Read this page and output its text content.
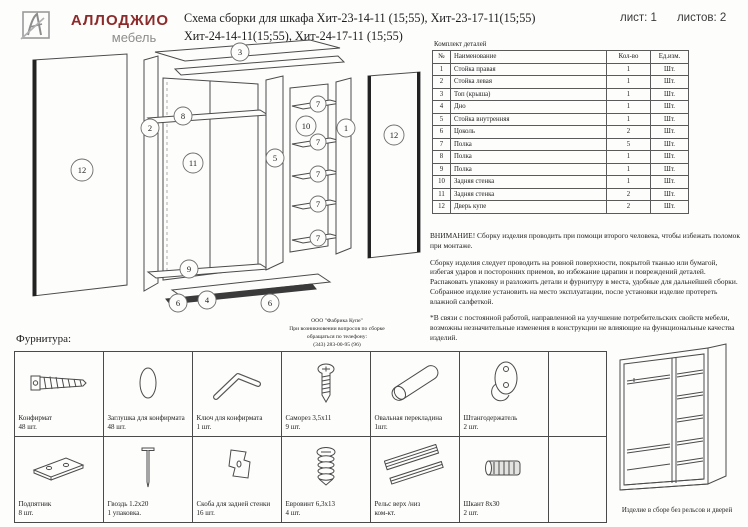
АЛЛОДЖИО
мебель
Схема сборки для шкафа Хит-23-14-11 (15;55), Хит-23-17-11(15;55)
Хит-24-14-11(15;55), Хит-24-17-11 (15;55)
лист: 1 листов: 2
3
12
2
8
11
9
5
10
7
7
7
7
7
1
12
6	4	6
Комплект деталей
№	Наименование	Кол-во	Ед.изм.
1	Стойка правая	1	Шт.
2	Стойка левая	1	Шт.
3	Топ (крыша)	1	Шт.
4	Дно	1	Шт.
5	Стойка внутренняя	1	Шт.
6	Цоколь	2	Шт.
7	Полка	5	Шт.
8	Полка	1	Шт.
9	Полка	1	Шт.
10	Задняя стенка	1	Шт.
11	Задняя стенка	2	Шт.
12	Дверь купе	2	Шт.

ВНИМАНИЕ! Сборку изделия проводить при помощи второго человека, чтобы избежать поломок при монтаже.

Сборку изделия следует проводить на ровной поверхности, покрытой тканью или бумагой, избегая ударов и посторонних приемов, во избежание царапин и повреждений деталей.

Распаковать упаковку и разложить детали и фурнитуру в места, удобные для дальнейшей сборки.

Собранное изделие установить на место эксплуатации, после установки изделие протереть влажной салфеткой.

*В связи с постоянной работой, направленной на улучшение потребительских свойств мебели, возможны незначительные изменения в конструкции не влияющие на функциональные качества изделий.

ООО "Фабрика Купе"
При возникновении вопросов по сборке
обращаться по телефону:
(343) 283-00-95 (96)
Фурнитура:
Конфирмат
48 шт.
Заглушка для конфирмата
48 шт.
Ключ для конфирмата
1 шт.
Саморез 3,5х11
9 шт.
Овальная перекладина
1шт.
Штангодержатель
2 шт.
Подпятник
8 шт.
Гвоздь 1.2х20
1 упаковка.
Скоба для задней стенки
16 шт.
Евровинт 6,3х13
4 шт.
Рельс верх /низ
ком-кт.
Шкант 8х30
2 шт.	Изделие в сборе без рельсов и дверей
